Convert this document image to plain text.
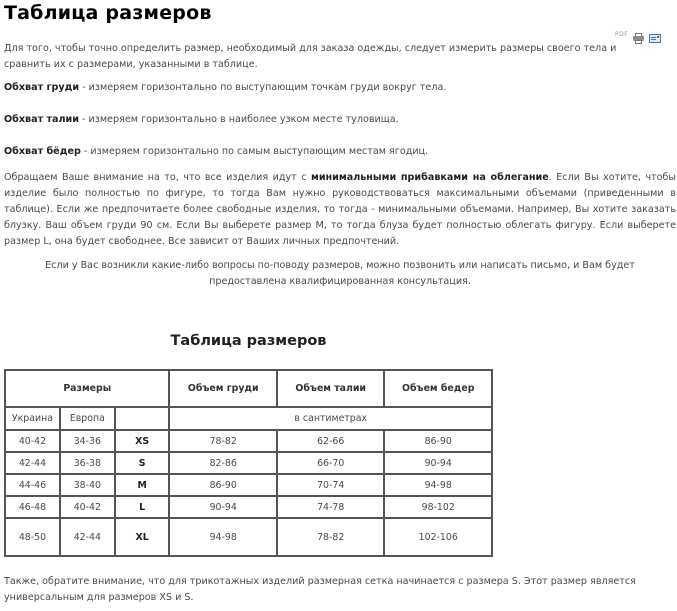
Таблица размеров
PDF
Для того, чтобы точно определить размер, необходимый для заказа одежды, следует измерить размеры своего тела и сравнить их с размерами, указанными в таблице.
Обхват груди - измеряем горизонтально по выступающим точкам груди вокруг тела.
Обхват талии - измеряем горизонтально в наиболее узком месте туловища.
Обхват бёдер - измеряем горизонтально по самым выступающим местам ягодиц.
Обращаем Ваше внимание на то, что все изделия идут с минимальными прибавками на облегание. Если Вы хотите, чтобы изделие было полностью по фигуре, то тогда Вам нужно руководствоваться максимальными объемами (приведенными в таблице). Если же предпочитаете более свободные изделия, то тогда - минимальными объемами. Например, Вы хотите заказать блузку. Ваш объем груди 90 см. Если Вы выберете размер M, то тогда блуза будет полностью облегать фигуру. Если выберете размер L, она будет свободнее. Все зависит от Ваших личных предпочтений.
Если у Вас возникли какие-либо вопросы по-поводу размеров, можно позвонить или написать письмо, и Вам будет предоставлена квалифицированная консультация.
Таблица размеров
Размеры			Объем груди	Объем талии	Объем бедер
Украина	Европа		в сантиметрах		
40-42	34-36	XS	78-82	62-66	86-90
42-44	36-38	S	82-86	66-70	90-94
44-46	38-40	M	86-90	70-74	94-98
46-48	40-42	L	90-94	74-78	98-102
48-50	42-44	XL	94-98	78-82	102-106
Также, обратите внимание, что для трикотажных изделий размерная сетка начинается с размера S. Этот размер является универсальным для размеров XS и S.
